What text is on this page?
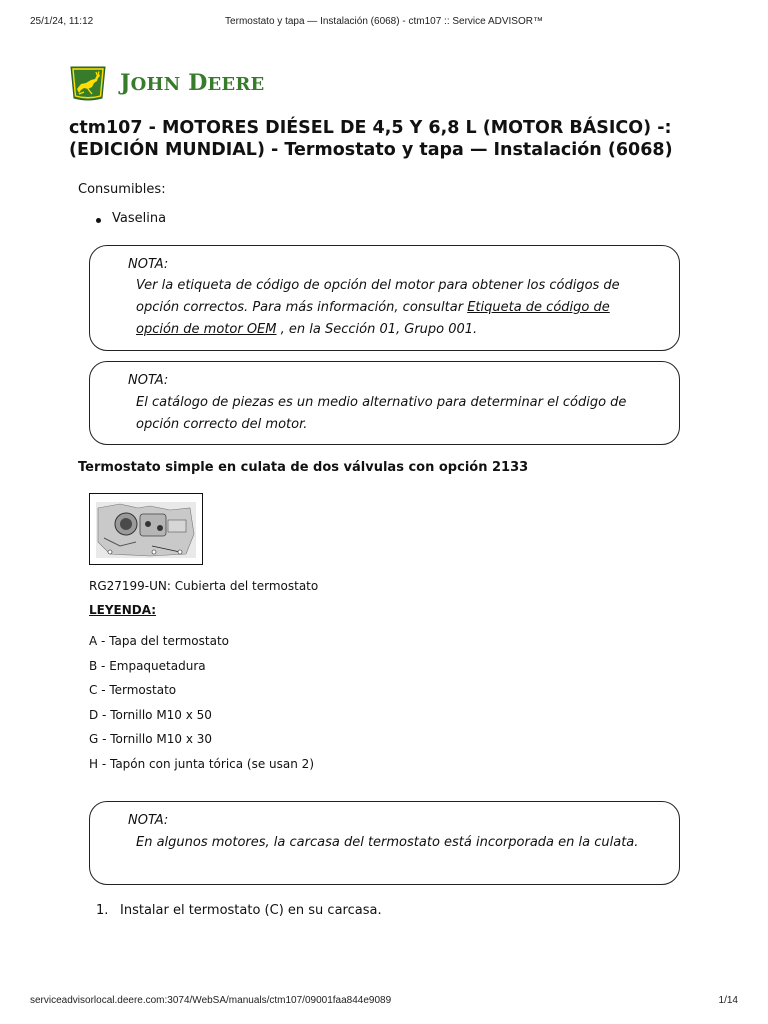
25/1/24, 11:12	Termostato y tapa — Instalación (6068) - ctm107 :: Service ADVISOR™
JOHN DEERE
ctm107 - MOTORES DIÉSEL DE 4,5 Y 6,8 L (MOTOR BÁSICO) -: (EDICIÓN MUNDIAL) - Termostato y tapa — Instalación (6068)
Consumibles:
Vaselina
NOTA:
Ver la etiqueta de código de opción del motor para obtener los códigos de opción correctos. Para más información, consultar Etiqueta de código de opción de motor OEM , en la Sección 01, Grupo 001.
NOTA:
El catálogo de piezas es un medio alternativo para determinar el código de opción correcto del motor.
Termostato simple en culata de dos válvulas con opción 2133
RG27199-UN: Cubierta del termostato
LEYENDA:
A - Tapa del termostato
B - Empaquetadura
C - Termostato
D - Tornillo M10 x 50
G - Tornillo M10 x 30
H - Tapón con junta tórica (se usan 2)
NOTA:
En algunos motores, la carcasa del termostato está incorporada en la culata.
1. Instalar el termostato (C) en su carcasa.
serviceadvisorlocal.deere.com:3074/WebSA/manuals/ctm107/09001faa844e9089	1/14
